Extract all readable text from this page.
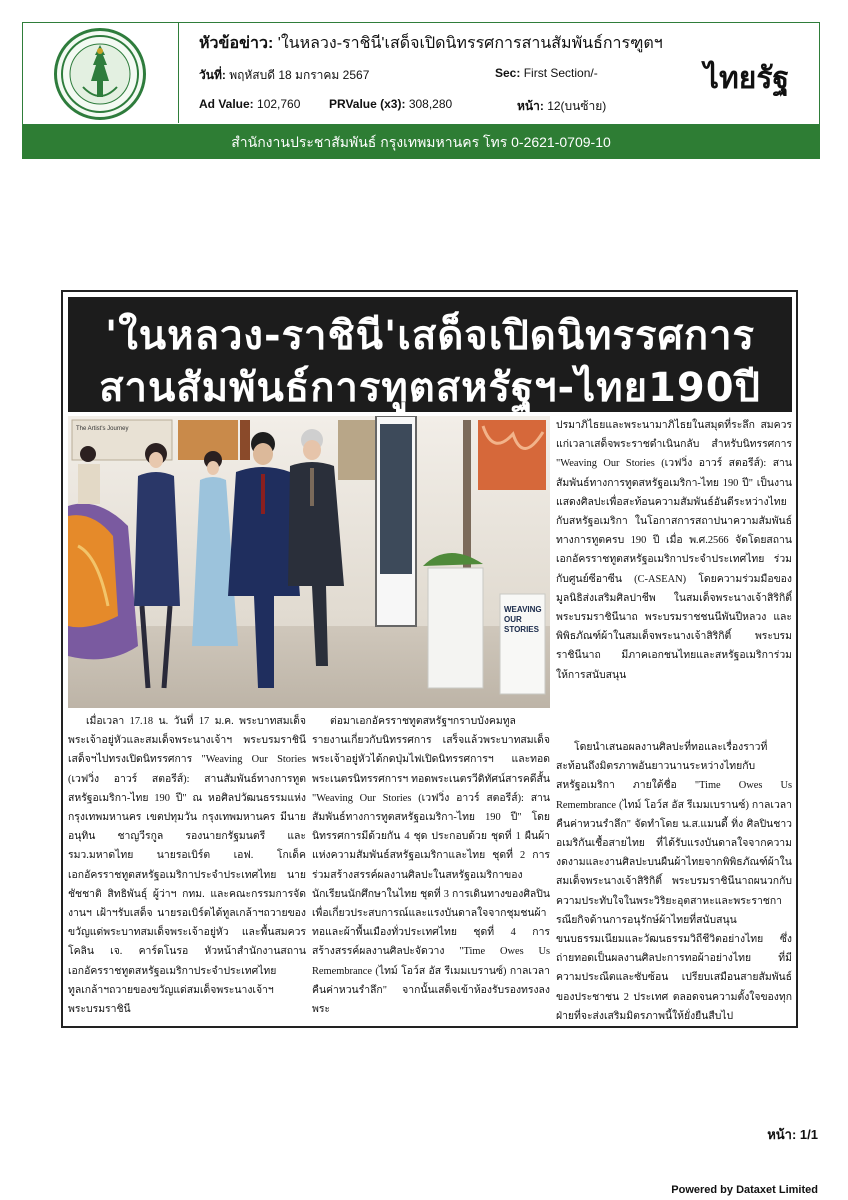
หัวข้อข่าว: 'ในหลวง-ราชินี'เสด็จเปิดนิทรรศการสานสัมพันธ์การฑูตฯ
วันที่: พฤหัสบดี 18 มกราคม 2567	Sec: First Section/-
Ad Value: 102,760 PRValue (x3): 308,280	หน้า: 12(บนซ้าย)
ไทยรัฐ
สำนักงานประชาสัมพันธ์ กรุงเทพมหานคร โทร 0-2621-0709-10
'ในหลวง-ราชินี'เสด็จเปิดนิทรรศการ
สานสัมพันธ์การทูตสหรัฐฯ-ไทย190ปี
The Artist's Journey
WEAVING
OUR
STORIES

เมื่อเวลา 17.18 น. วันที่ 17 ม.ค. พระบาทสมเด็จพระเจ้าอยู่หัวและสมเด็จพระนางเจ้าฯ พระบรมราชินี เสด็จฯไปทรงเปิดนิทรรศการ "Weaving Our Stories (เวฟวิ่ง อาวร์ สตอรีส์): สานสัมพันธ์ทางการทูตสหรัฐอเมริกา-ไทย 190 ปี" ณ หอศิลปวัฒนธรรมแห่งกรุงเทพมหานคร เขตปทุมวัน กรุงเทพมหานคร มีนายอนุทิน ชาญวีรกูล รองนายกรัฐมนตรี และ รมว.มหาดไทย นายรอเบิร์ต เอฟ. โกเด็ค เอกอัครราชทูตสหรัฐอเมริกาประจำประเทศไทย นายชัชชาติ สิทธิพันธุ์ ผู้ว่าฯ กทม. และคณะกรรมการจัดงานฯ เฝ้าฯรับเสด็จ นายรอเบิร์ตได้ทูลเกล้าฯถวายของขวัญแด่พระบาทสมเด็จพระเจ้าอยู่หัว และพื้นสมควรโคลิน เจ. คาร์ดโนรอ หัวหน้าสำนักงานสถานเอกอัครราชทูตสหรัฐอเมริกาประจำประเทศไทยทูลเกล้าฯถวายของขวัญแด่สมเด็จพระนางเจ้าฯ พระบรมราชินี

ต่อมาเอกอัครราชทูตสหรัฐฯกราบบังคมทูลรายงานเกี่ยวกับนิทรรศการ เสร็จแล้วพระบาทสมเด็จพระเจ้าอยู่หัวได้กดปุ่มไฟเปิดนิทรรศการฯ และทอดพระเนตรนิทรรศการฯ ทอดพระเนตรวีดิทัศน์สารคดีสั้น "Weaving Our Stories (เวฟวิ่ง อาวร์ สตอรีส์): สานสัมพันธ์ทางการทูตสหรัฐอเมริกา-ไทย 190 ปี" โดยนิทรรศการมีด้วยกัน 4 ชุด ประกอบด้วย ชุดที่ 1 ผืนผ้าแห่งความสัมพันธ์สหรัฐอเมริกาและไทย ชุดที่ 2 การร่วมสร้างสรรค์ผลงานศิลปะในสหรัฐอเมริกาของนักเรียนนักศึกษาในไทย ชุดที่ 3 การเดินทางของศิลปินเพื่อเกี่ยวประสบการณ์และแรงบันดาลใจจากชุมชนผ้าทอและผ้าพื้นเมืองทั่วประเทศไทย ชุดที่ 4 การสร้างสรรค์ผลงานศิลปะจัดวาง "Time Owes Us Remembrance (ไทม์ โอว์ส อัส รีเมมเบรานซ์) กาลเวลา คืนค่าหวนรำลึก" จากนั้นเสด็จเข้าห้องรับรองทรงลงพระ

ปรมาภิไธยและพระนามาภิไธยในสมุดที่ระลึก สมควรแก่เวลาเสด็จพระราชดำเนินกลับ สำหรับนิทรรศการ "Weaving Our Stories (เวฟวิ่ง อาวร์ สตอรีส์): สานสัมพันธ์ทางการทูตสหรัฐอเมริกา-ไทย 190 ปี" เป็นงานแสดงศิลปะเพื่อสะท้อนความสัมพันธ์อันดีระหว่างไทยกับสหรัฐอเมริกา ในโอกาสการสถาปนาความสัมพันธ์ทางการทูตครบ 190 ปี เมื่อ พ.ศ.2566 จัดโดยสถานเอกอัครราชทูตสหรัฐอเมริกาประจำประเทศไทย ร่วมกับศูนย์ซีอาซีน (C-ASEAN) โดยความร่วมมือของมูลนิธิส่งเสริมศิลปาชีพ ในสมเด็จพระนางเจ้าสิริกิติ์ พระบรมราชินีนาถ พระบรมราชชนนีพันปีหลวง และพิพิธภัณฑ์ผ้าในสมเด็จพระนางเจ้าสิริกิติ์ พระบรมราชินีนาถ มีภาคเอกชนไทยและสหรัฐอเมริการ่วมให้การสนับสนุน

โดยนำเสนอผลงานศิลปะที่ทอและเรื่องราวที่สะท้อนถึงมิตรภาพอันยาวนานระหว่างไทยกับสหรัฐอเมริกา ภายใต้ชื่อ "Time Owes Us Remembrance (ไทม์ โอว์ส อัส รีเมมเบรานซ์) กาลเวลา คืนค่าหวนรำลึก" จัดทำโดย น.ส.แมนดี้ ทิ่ง ศิลปินชาวอเมริกันเชื้อสายไทย ที่ได้รับแรงบันดาลใจจากความงดงามและงานศิลปะบนผืนผ้าไทยจากพิพิธภัณฑ์ผ้าในสมเด็จพระนางเจ้าสิริกิติ์ พระบรมราชินีนาถผนวกกับความประทับใจในพระวิริยะอุตสาหะและพระราชการณียกิจด้านการอนุรักษ์ผ้าไทยที่สนับสนุนขนบธรรมเนียมและวัฒนธรรมวิถีชีวิตอย่างไทย ซึ่งถ่ายทอดเป็นผลงานศิลปะการทอผ้าอย่างไทย ที่มีความประณีตและซับซ้อน เปรียบเสมือนสายสัมพันธ์ของประชาชน 2 ประเทศ ตลอดจนความตั้งใจของทุกฝ่ายที่จะส่งเสริมมิตรภาพนี้ให้ยั่งยืนสืบไป

หน้า: 1/1
Powered by Dataxet Limited
